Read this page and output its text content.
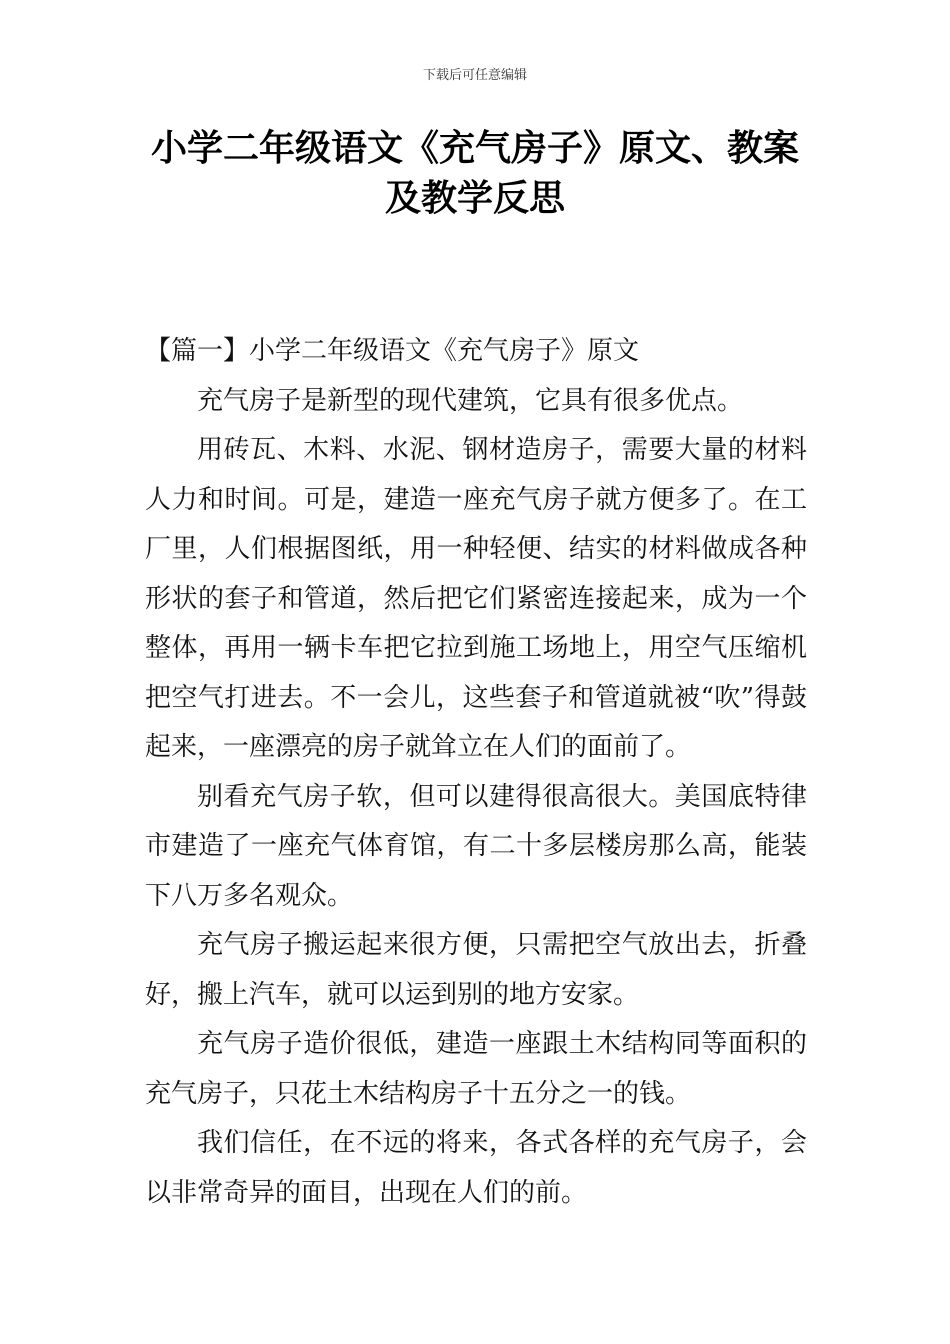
下载后可任意编辑
小学二年级语文《充气房子》原文、教案
及教学反思

【篇一】小学二年级语文《充气房子》原文

充气房子是新型的现代建筑，它具有很多优点。

用砖瓦、木料、水泥、钢材造房子，需要大量的材料人力和时间。可是，建造一座充气房子就方便多了。在工厂里，人们根据图纸，用一种轻便、结实的材料做成各种形状的套子和管道，然后把它们紧密连接起来，成为一个整体，再用一辆卡车把它拉到施工场地上，用空气压缩机把空气打进去。不一会儿，这些套子和管道就被“吹”得鼓起来，一座漂亮的房子就耸立在人们的面前了。

别看充气房子软，但可以建得很高很大。美国底特律市建造了一座充气体育馆，有二十多层楼房那么高，能装下八万多名观众。

充气房子搬运起来很方便，只需把空气放出去，折叠好，搬上汽车，就可以运到别的地方安家。

充气房子造价很低，建造一座跟土木结构同等面积的充气房子，只花土木结构房子十五分之一的钱。

我们信任，在不远的将来，各式各样的充气房子，会以非常奇异的面目，出现在人们的前。
